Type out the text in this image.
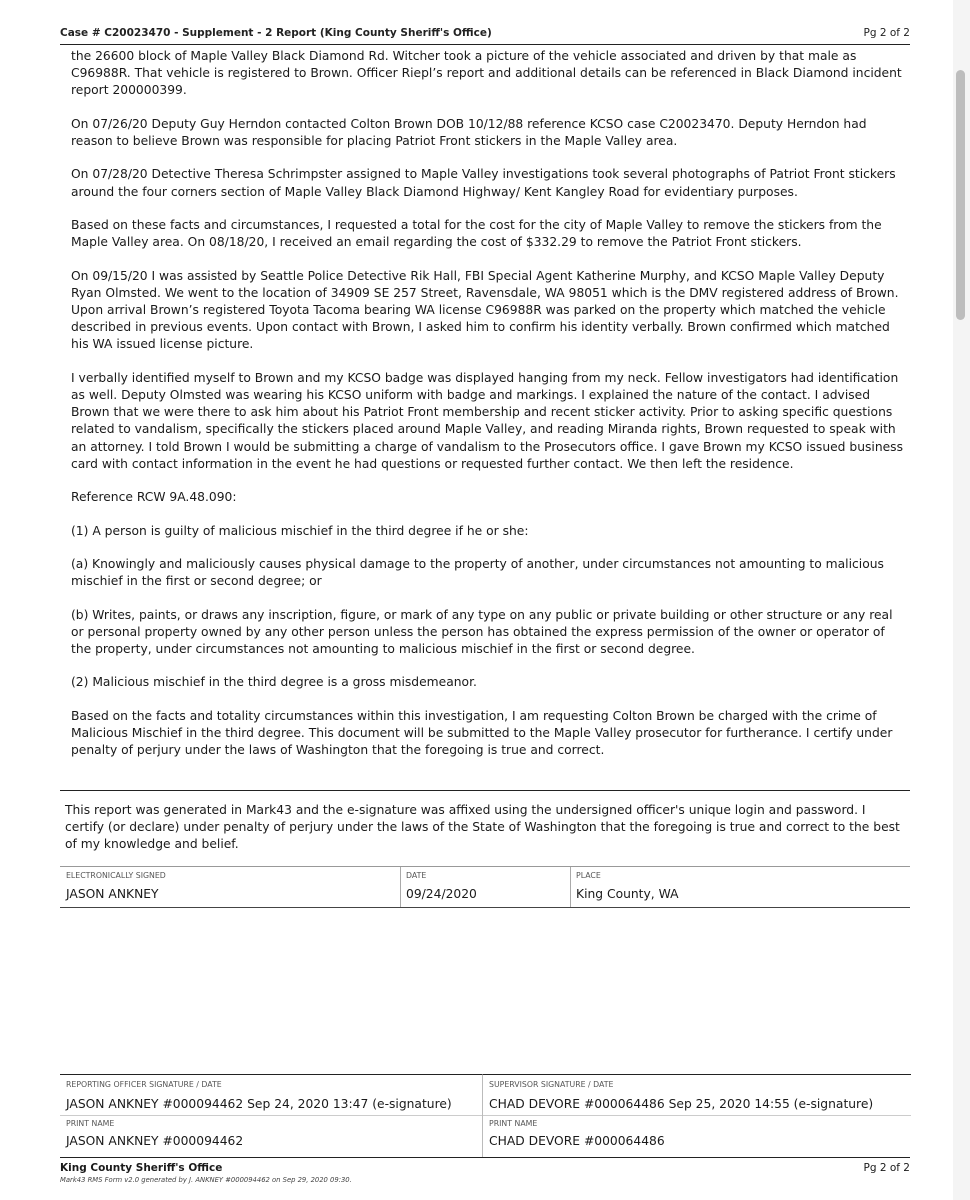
Case # C20023470 - Supplement - 2 Report (King County Sheriff's Office)	Pg 2 of 2

the 26600 block of Maple Valley Black Diamond Rd. Witcher took a picture of the vehicle associated and driven by that male as C96988R. That vehicle is registered to Brown. Officer Riepl’s report and additional details can be referenced in Black Diamond incident report 200000399.

On 07/26/20 Deputy Guy Herndon contacted Colton Brown DOB 10/12/88 reference KCSO case C20023470. Deputy Herndon had reason to believe Brown was responsible for placing Patriot Front stickers in the Maple Valley area.

On 07/28/20 Detective Theresa Schrimpster assigned to Maple Valley investigations took several photographs of Patriot Front stickers around the four corners section of Maple Valley Black Diamond Highway/ Kent Kangley Road for evidentiary purposes.

Based on these facts and circumstances, I requested a total for the cost for the city of Maple Valley to remove the stickers from the Maple Valley area. On 08/18/20, I received an email regarding the cost of $332.29 to remove the Patriot Front stickers.

On 09/15/20 I was assisted by Seattle Police Detective Rik Hall, FBI Special Agent Katherine Murphy, and KCSO Maple Valley Deputy Ryan Olmsted. We went to the location of 34909 SE 257 Street, Ravensdale, WA 98051 which is the DMV registered address of Brown. Upon arrival Brown’s registered Toyota Tacoma bearing WA license C96988R was parked on the property which matched the vehicle described in previous events. Upon contact with Brown, I asked him to confirm his identity verbally. Brown confirmed which matched his WA issued license picture.

I verbally identified myself to Brown and my KCSO badge was displayed hanging from my neck. Fellow investigators had identification as well. Deputy Olmsted was wearing his KCSO uniform with badge and markings. I explained the nature of the contact. I advised Brown that we were there to ask him about his Patriot Front membership and recent sticker activity. Prior to asking specific questions related to vandalism, specifically the stickers placed around Maple Valley, and reading Miranda rights, Brown requested to speak with an attorney. I told Brown I would be submitting a charge of vandalism to the Prosecutors office. I gave Brown my KCSO issued business card with contact information in the event he had questions or requested further contact. We then left the residence.

Reference RCW 9A.48.090:

(1) A person is guilty of malicious mischief in the third degree if he or she:

(a) Knowingly and maliciously causes physical damage to the property of another, under circumstances not amounting to malicious mischief in the first or second degree; or

(b) Writes, paints, or draws any inscription, figure, or mark of any type on any public or private building or other structure or any real or personal property owned by any other person unless the person has obtained the express permission of the owner or operator of the property, under circumstances not amounting to malicious mischief in the first or second degree.

(2) Malicious mischief in the third degree is a gross misdemeanor.

Based on the facts and totality circumstances within this investigation, I am requesting Colton Brown be charged with the crime of Malicious Mischief in the third degree. This document will be submitted to the Maple Valley prosecutor for furtherance. I certify under penalty of perjury under the laws of Washington that the foregoing is true and correct.

This report was generated in Mark43 and the e-signature was affixed using the undersigned officer's unique login and password. I certify (or declare) under penalty of perjury under the laws of the State of Washington that the foregoing is true and correct to the best of my knowledge and belief.
ELECTRONICALLY SIGNED
JASON ANKNEY
DATE
09/24/2020
PLACE
King County, WA
REPORTING OFFICER SIGNATURE / DATE
JASON ANKNEY #000094462 Sep 24, 2020 13:47 (e-signature)
PRINT NAME
JASON ANKNEY #000094462
SUPERVISOR SIGNATURE / DATE
CHAD DEVORE #000064486 Sep 25, 2020 14:55 (e-signature)
PRINT NAME
CHAD DEVORE #000064486
King County Sheriff's Office
Mark43 RMS Form v2.0 generated by J. ANKNEY #000094462 on Sep 29, 2020 09:30.
Pg 2 of 2
